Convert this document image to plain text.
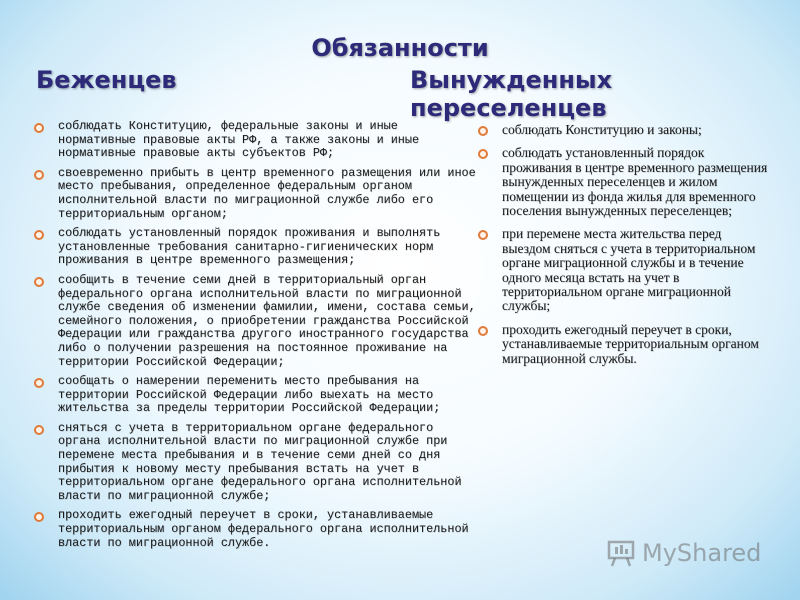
Обязанности
Беженцев	Вынужденных переселенцев
соблюдать Конституцию, федеральные законы и иные нормативные правовые акты РФ, а также законы и иные нормативные правовые акты субъектов РФ;
своевременно прибыть в центр временного размещения или иное место пребывания, определенное федеральным органом исполнительной власти по миграционной службе либо его территориальным органом;
соблюдать установленный порядок проживания и выполнять установленные требования санитарно-гигиенических норм проживания в центре временного размещения;
сообщить в течение семи дней в территориальный орган федерального органа исполнительной власти по миграционной службе сведения об изменении фамилии, имени, состава семьи, семейного положения, о приобретении гражданства Российской Федерации или гражданства другого иностранного государства либо о получении разрешения на постоянное проживание на территории Российской Федерации;
сообщать о намерении переменить место пребывания на территории Российской Федерации либо выехать на место жительства за пределы территории Российской Федерации;
сняться с учета в территориальном органе федерального органа исполнительной власти по миграционной службе при перемене места пребывания и в течение семи дней со дня прибытия к новому месту пребывания встать на учет в территориальном органе федерального органа исполнительной власти по миграционной службе;
проходить ежегодный переучет в сроки, устанавливаемые территориальным органом федерального органа исполнительной власти по миграционной службе.
соблюдать Конституцию и законы;
соблюдать установленный порядок проживания в центре временного размещения вынужденных переселенцев и жилом помещении из фонда жилья для временного поселения вынужденных переселенцев;
при перемене места жительства перед выездом сняться с учета в территориальном органе миграционной службы и в течение одного месяца встать на учет в территориальном органе миграционной службы;
проходить ежегодный переучет в сроки, устанавливаемые территориальным органом миграционной службы.
MyShared
